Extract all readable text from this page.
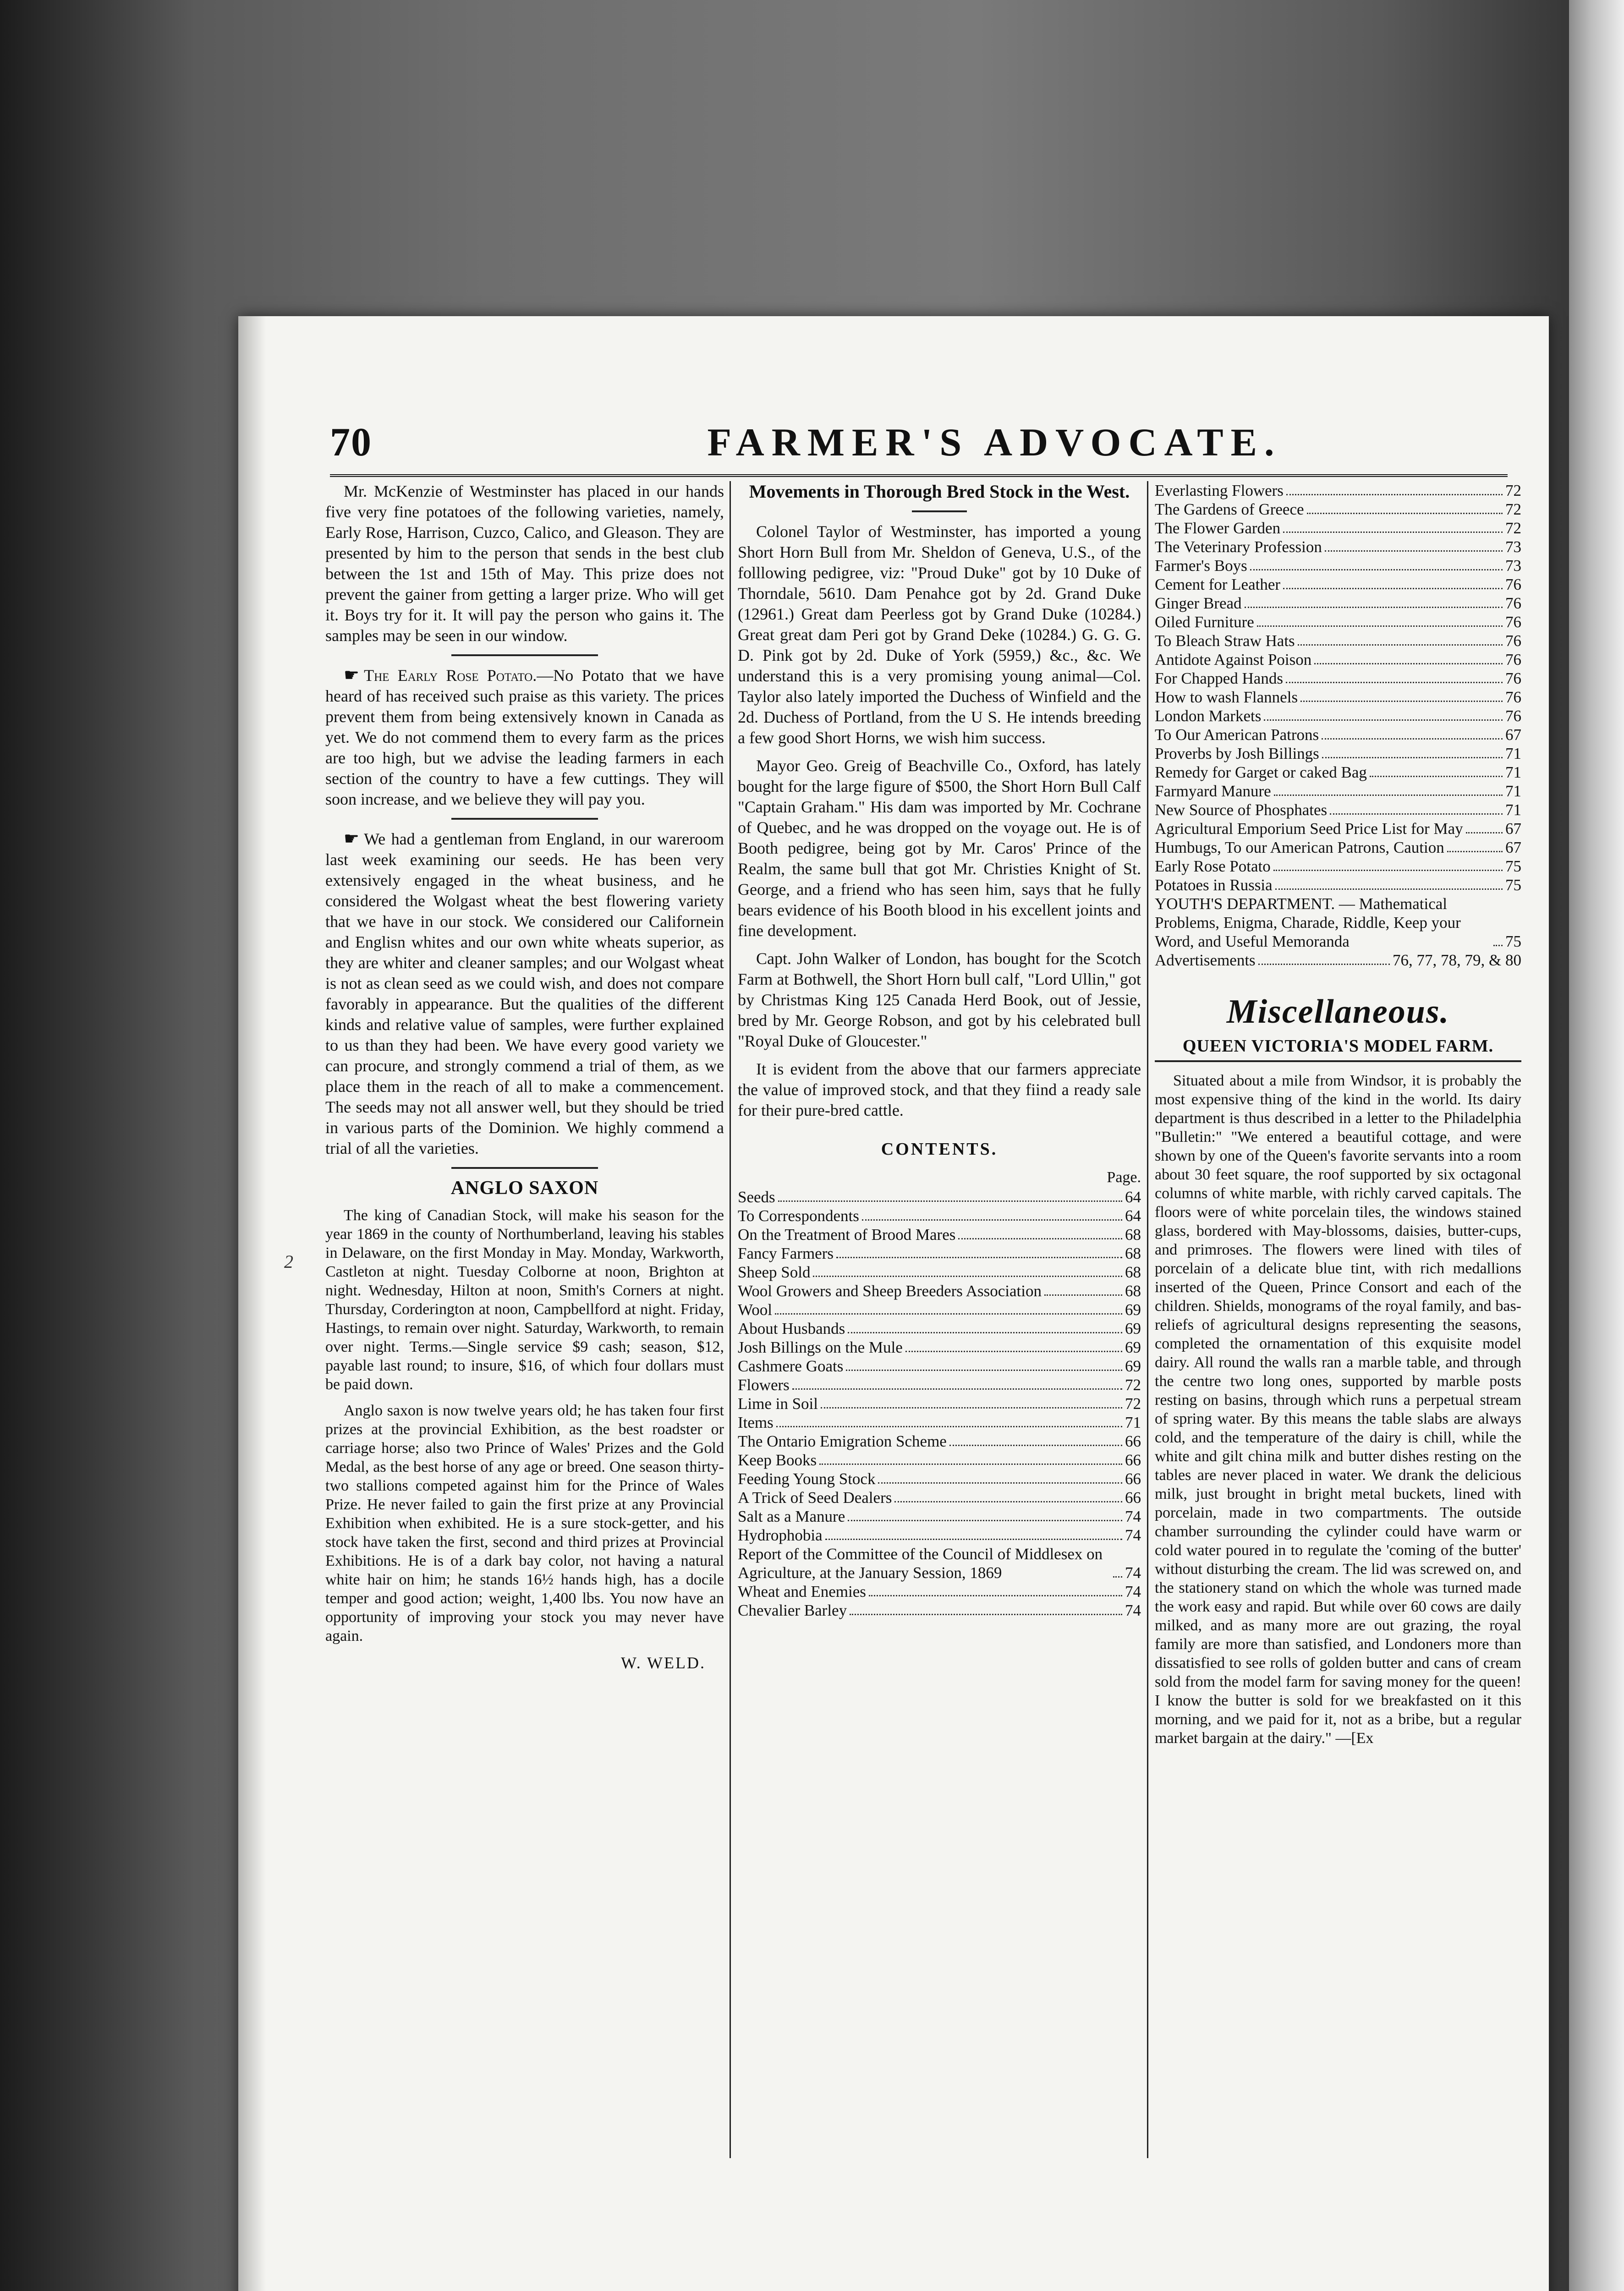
70	FARMER'S ADVOCATE.
2

Mr. McKenzie of Westminster has placed in our hands five very fine potatoes of the following varieties, namely, Early Rose, Harrison, Cuzco, Calico, and Gleason. They are presented by him to the person that sends in the best club between the 1st and 15th of May. This prize does not prevent the gainer from getting a larger prize. Who will get it. Boys try for it. It will pay the person who gains it. The samples may be seen in our window.

☛ The Early Rose Potato.—No Potato that we have heard of has received such praise as this variety. The prices prevent them from being extensively known in Canada as yet. We do not commend them to every farm as the prices are too high, but we advise the leading farmers in each section of the country to have a few cuttings. They will soon increase, and we believe they will pay you.

☛ We had a gentleman from England, in our wareroom last week examining our seeds. He has been very extensively engaged in the wheat business, and he considered the Wolgast wheat the best flowering variety that we have in our stock. We considered our Californein and Englisn whites and our own white wheats superior, as they are whiter and cleaner samples; and our Wolgast wheat is not as clean seed as we could wish, and does not compare favorably in appearance. But the qualities of the different kinds and relative value of samples, were further explained to us than they had been. We have every good variety we can procure, and strongly commend a trial of them, as we place them in the reach of all to make a commencement. The seeds may not all answer well, but they should be tried in various parts of the Dominion. We highly commend a trial of all the varieties.

ANGLO SAXON

The king of Canadian Stock, will make his season for the year 1869 in the county of Northumberland, leaving his stables in Delaware, on the first Monday in May. Monday, Warkworth, Castleton at night. Tuesday Colborne at noon, Brighton at night. Wednesday, Hilton at noon, Smith's Corners at night. Thursday, Corderington at noon, Campbellford at night. Friday, Hastings, to remain over night. Saturday, Warkworth, to remain over night. Terms.—Single service $9 cash; season, $12, payable last round; to insure, $16, of which four dollars must be paid down.

Anglo saxon is now twelve years old; he has taken four first prizes at the provincial Exhibition, as the best roadster or carriage horse; also two Prince of Wales' Prizes and the Gold Medal, as the best horse of any age or breed. One season thirty-two stallions competed against him for the Prince of Wales Prize. He never failed to gain the first prize at any Provincial Exhibition when exhibited. He is a sure stock-getter, and his stock have taken the first, second and third prizes at Provincial Exhibitions. He is of a dark bay color, not having a natural white hair on him; he stands 16½ hands high, has a docile temper and good action; weight, 1,400 lbs. You now have an opportunity of improving your stock you may never have again.

W. WELD.
Movements in Thorough Bred Stock in the West.

Colonel Taylor of Westminster, has imported a young Short Horn Bull from Mr. Sheldon of Geneva, U.S., of the folllowing pedigree, viz: "Proud Duke" got by 10 Duke of Thorndale, 5610. Dam Penahce got by 2d. Grand Duke (12961.) Great dam Peerless got by Grand Duke (10284.) Great great dam Peri got by Grand Deke (10284.) G. G. G. D. Pink got by 2d. Duke of York (5959,) &c., &c. We understand this is a very promising young animal—Col. Taylor also lately imported the Duchess of Winfield and the 2d. Duchess of Portland, from the U S. He intends breeding a few good Short Horns, we wish him success.

Mayor Geo. Greig of Beachville Co., Oxford, has lately bought for the large figure of $500, the Short Horn Bull Calf "Captain Graham." His dam was imported by Mr. Cochrane of Quebec, and he was dropped on the voyage out. He is of Booth pedigree, being got by Mr. Caros' Prince of the Realm, the same bull that got Mr. Christies Knight of St. George, and a friend who has seen him, says that he fully bears evidence of his Booth blood in his excellent joints and fine development.

Capt. John Walker of London, has bought for the Scotch Farm at Bothwell, the Short Horn bull calf, "Lord Ullin," got by Christmas King 125 Canada Herd Book, out of Jessie, bred by Mr. George Robson, and got by his celebrated bull "Royal Duke of Gloucester."

It is evident from the above that our farmers appreciate the value of improved stock, and that they fiind a ready sale for their pure-bred cattle.

CONTENTS.
Page.
Seeds	64
To Correspondents	64
On the Treatment of Brood Mares	68
Fancy Farmers	68
Sheep Sold	68
Wool Growers and Sheep Breeders Association	68
Wool	69
About Husbands	69
Josh Billings on the Mule	69
Cashmere Goats	69
Flowers	72
Lime in Soil	72
Items	71
The Ontario Emigration Scheme	66
Keep Books	66
Feeding Young Stock	66
A Trick of Seed Dealers	66
Salt as a Manure	74
Hydrophobia	74
Report of the Committee of the Council of Middlesex on Agriculture, at the January Session, 1869	74
Wheat and Enemies	74
Chevalier Barley	74
Everlasting Flowers	72
The Gardens of Greece	72
The Flower Garden	72
The Veterinary Profession	73
Farmer's Boys	73
Cement for Leather	76
Ginger Bread	76
Oiled Furniture	76
To Bleach Straw Hats	76
Antidote Against Poison	76
For Chapped Hands	76
How to wash Flannels	76
London Markets	76
To Our American Patrons	67
Proverbs by Josh Billings	71
Remedy for Garget or caked Bag	71
Farmyard Manure	71
New Source of Phosphates	71
Agricultural Emporium Seed Price List for May	67
Humbugs, To our American Patrons, Caution	67
Early Rose Potato	75
Potatoes in Russia	75
YOUTH'S DEPARTMENT. — Mathematical Problems, Enigma, Charade, Riddle, Keep your Word, and Useful Memoranda	75
Advertisements	76, 77, 78, 79, & 80
Miscellaneous.
QUEEN VICTORIA'S MODEL FARM.

Situated about a mile from Windsor, it is probably the most expensive thing of the kind in the world. Its dairy department is thus described in a letter to the Philadelphia "Bulletin:" "We entered a beautiful cottage, and were shown by one of the Queen's favorite servants into a room about 30 feet square, the roof supported by six octagonal columns of white marble, with richly carved capitals. The floors were of white porcelain tiles, the windows stained glass, bordered with May-blossoms, daisies, butter-cups, and primroses. The flowers were lined with tiles of porcelain of a delicate blue tint, with rich medallions inserted of the Queen, Prince Consort and each of the children. Shields, monograms of the royal family, and bas-reliefs of agricultural designs representing the seasons, completed the ornamentation of this exquisite model dairy. All round the walls ran a marble table, and through the centre two long ones, supported by marble posts resting on basins, through which runs a perpetual stream of spring water. By this means the table slabs are always cold, and the temperature of the dairy is chill, while the white and gilt china milk and butter dishes resting on the tables are never placed in water. We drank the delicious milk, just brought in bright metal buckets, lined with porcelain, made in two compartments. The outside chamber surrounding the cylinder could have warm or cold water poured in to regulate the 'coming of the butter' without disturbing the cream. The lid was screwed on, and the stationery stand on which the whole was turned made the work easy and rapid. But while over 60 cows are daily milked, and as many more are out grazing, the royal family are more than satisfied, and Londoners more than dissatisfied to see rolls of golden butter and cans of cream sold from the model farm for saving money for the queen! I know the butter is sold for we breakfasted on it this morning, and we paid for it, not as a bribe, but a regular market bargain at the dairy." —[Ex
